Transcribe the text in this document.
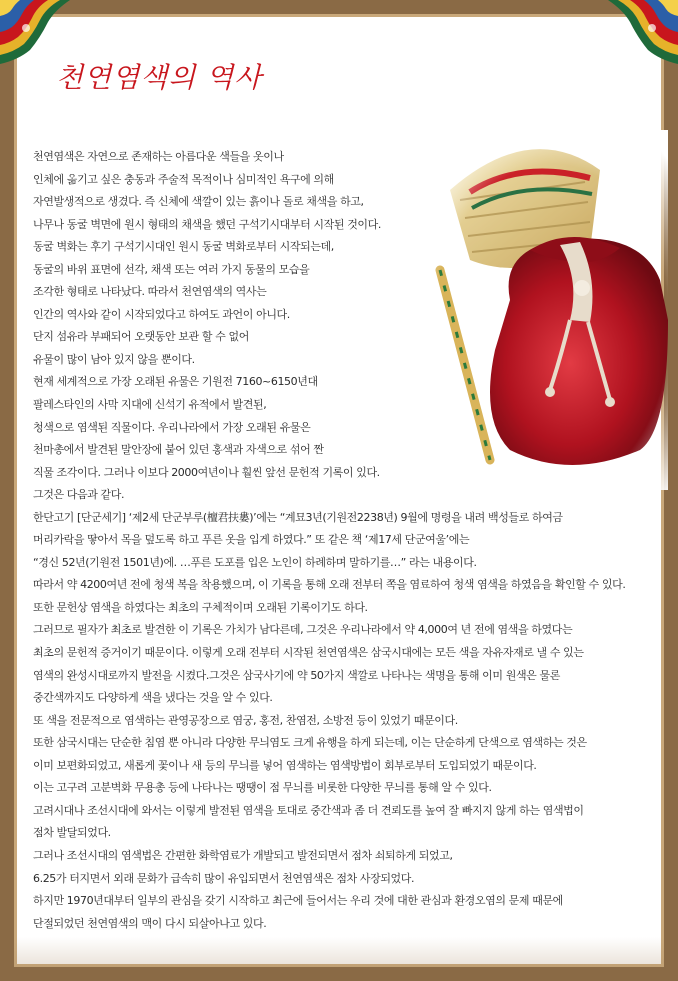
천연염색의 역사
천연염색은 자연으로 존재하는 아름다운 색들을 옷이나
인체에 옮기고 싶은 충동과 주술적 목적이나 심미적인 욕구에 의해
자연발생적으로 생겼다. 즉 신체에 색깔이 있는 흙이나 돌로 채색을 하고,
나무나 동굴 벽면에 원시 형태의 채색을 했던 구석기시대부터 시작된 것이다.
동굴 벽화는 후기 구석기시대인 원시 동굴 벽화로부터 시작되는데,
동굴의 바위 표면에 선각, 채색 또는 여러 가지 동물의 모습을
조각한 형태로 나타났다. 따라서 천연염색의 역사는
인간의 역사와 같이 시작되었다고 하여도 과언이 아니다.
단지 섬유라 부패되어 오랫동안 보관 할 수 없어
유물이 많이 남아 있지 않을 뿐이다.
현재 세계적으로 가장 오래된 유물은 기원전 7160~6150년대
팔레스타인의 사막 지대에 신석기 유적에서 발견된,
청색으로 염색된 직물이다. 우리나라에서 가장 오래된 유물은
천마총에서 발견된 말안장에 붙어 있던 홍색과 자색으로 섞어 짠
직물 조각이다. 그러나 이보다 2000여년이나 훨씬 앞선 문헌적 기록이 있다.
그것은 다음과 같다.
한단고기 [단군세기] ‘제2세 단군부루(檀君扶婁)’에는 “계묘3년(기원전2238년) 9월에 명령을 내려 백성들로 하여금
머리카락을 땋아서 목을 덮도록 하고 푸른 옷을 입게 하였다.” 또 같은 책 ‘제17세 단군여울’에는
“경신 52년(기원전 1501년)에. …푸른 도포를 입은 노인이 하례하며 말하기를…” 라는 내용이다.
따라서 약 4200여년 전에 청색 복을 착용했으며, 이 기록을 통해 오래 전부터 쪽을 염료하여 청색 염색을 하였음을 확인할 수 있다.
또한 문헌상 염색을 하였다는 최초의 구체적이며 오래된 기록이기도 하다.
그러므로 필자가 최초로 발견한 이 기록은 가치가 남다른데, 그것은 우리나라에서 약 4,000여 년 전에 염색을 하였다는
최초의 문헌적 증거이기 때문이다. 이렇게 오래 전부터 시작된 천연염색은 삼국시대에는 모든 색을 자유자재로 낼 수 있는
염색의 완성시대로까지 발전을 시켰다.그것은 삼국사기에 약 50가지 색깔로 나타나는 색명을 통해 이미 원색은 물론
중간색까지도 다양하게 색을 냈다는 것을 알 수 있다.
또 색을 전문적으로 염색하는 관영공장으로 염궁, 홍전, 찬염전, 소방전 등이 있었기 때문이다.
또한 삼국시대는 단순한 침염 뿐 아니라 다양한 무늬염도 크게 유행을 하게 되는데, 이는 단순하게 단색으로 염색하는 것은
이미 보편화되었고, 새롭게 꽃이나 새 등의 무늬를 넣어 염색하는 염색방법이 회부로부터 도입되었기 때문이다.
이는 고구려 고분벽화 무용총 등에 나타나는 땡땡이 점 무늬를 비롯한 다양한 무늬를 통해 알 수 있다.
고려시대나 조선시대에 와서는 이렇게 발전된 염색을 토대로 중간색과 좀 더 견뢰도를 높여 잘 빠지지 않게 하는 염색법이
점차 발달되었다.
그러나 조선시대의 염색법은 간편한 화학염료가 개발되고 발전되면서 점차 쇠퇴하게 되었고,
6.25가 터지면서 외래 문화가 급속히 많이 유입되면서 천연염색은 점차 사장되었다.
하지만 1970년대부터 일부의 관심을 갖기 시작하고 최근에 들어서는 우리 것에 대한 관심과 환경오염의 문제 때문에
단절되었던 천연염색의 맥이 다시 되살아나고 있다.
